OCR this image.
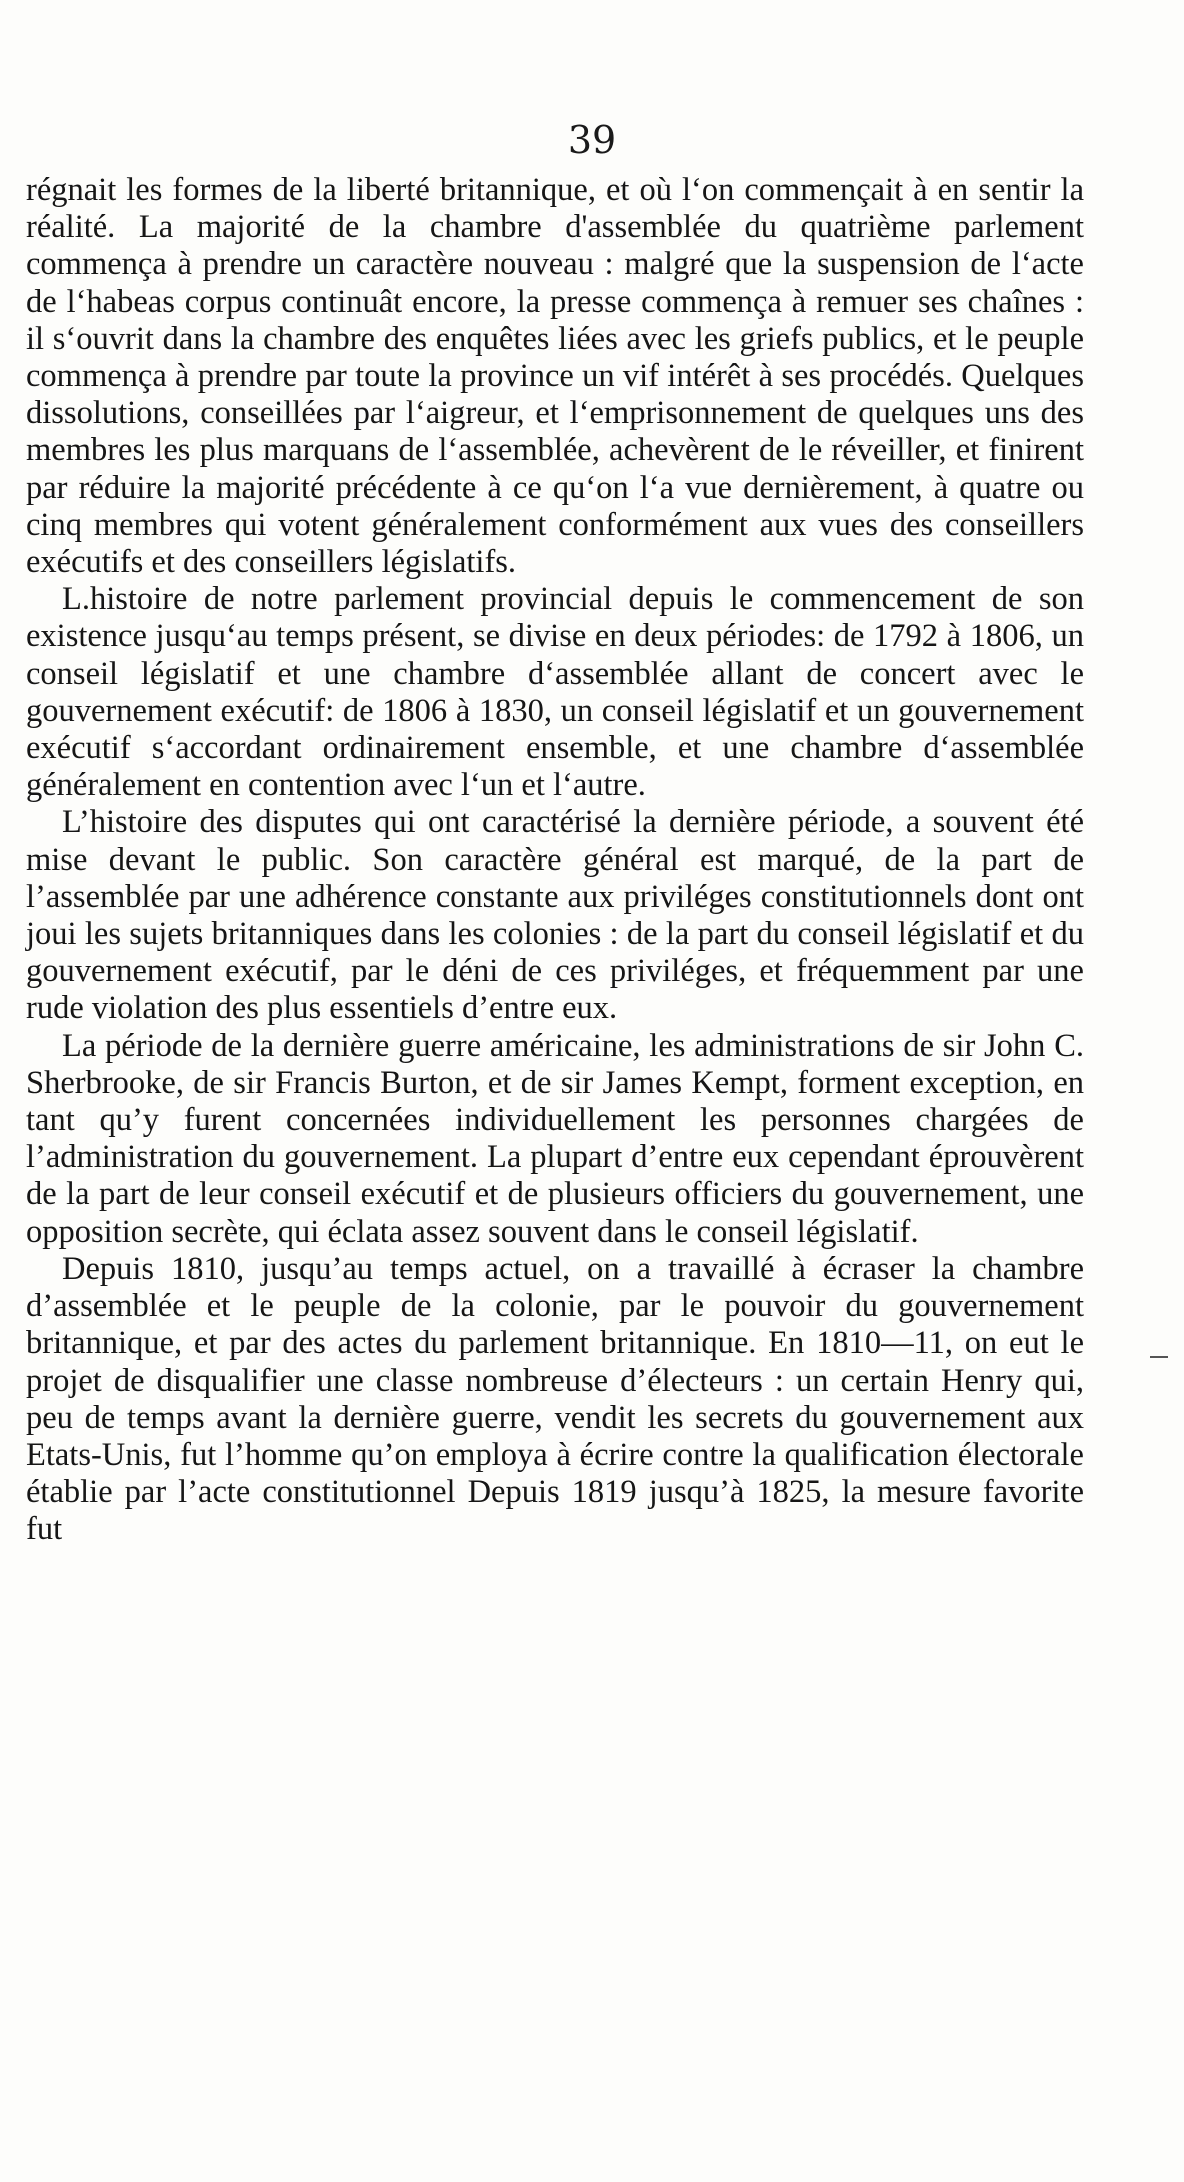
39

régnait les formes de la liberté britannique, et où l‘on commençait à en sentir la réalité. La majorité de la chambre d'assemblée du quatrième parlement commença à prendre un caractère nouveau : malgré que la suspension de l‘acte de l‘habeas corpus continuât encore, la presse commença à remuer ses chaînes : il s‘ouvrit dans la chambre des enquêtes liées avec les griefs publics, et le peuple commença à prendre par toute la province un vif intérêt à ses procédés. Quelques dissolutions, conseillées par l‘aigreur, et l‘emprisonnement de quelques uns des membres les plus marquans de l‘assemblée, achevèrent de le réveiller, et finirent par réduire la majorité précédente à ce qu‘on l‘a vue dernièrement, à quatre ou cinq membres qui votent généralement conformément aux vues des conseillers exécutifs et des conseillers législatifs.

L.histoire de notre parlement provincial depuis le commencement de son existence jusqu‘au temps présent, se divise en deux périodes: de 1792 à 1806, un conseil législatif et une chambre d‘assemblée allant de concert avec le gouvernement exécutif: de 1806 à 1830, un conseil législatif et un gouvernement exécutif s‘accordant ordinairement ensemble, et une chambre d‘assemblée généralement en contention avec l‘un et l‘autre.

L’histoire des disputes qui ont caractérisé la dernière période, a souvent été mise devant le public. Son caractère général est marqué, de la part de l’assemblée par une adhérence constante aux priviléges constitutionnels dont ont joui les sujets britanniques dans les colonies : de la part du conseil législatif et du gouvernement exécutif, par le déni de ces priviléges, et fréquemment par une rude violation des plus essentiels d’entre eux.

La période de la dernière guerre américaine, les administrations de sir John C. Sherbrooke, de sir Francis Burton, et de sir James Kempt, forment exception, en tant qu’y furent concernées individuellement les personnes chargées de l’administration du gouvernement. La plupart d’entre eux cependant éprouvèrent de la part de leur conseil exécutif et de plusieurs officiers du gouvernement, une opposition secrète, qui éclata assez souvent dans le conseil législatif.

Depuis 1810, jusqu’au temps actuel, on a travaillé à écraser la chambre d’assemblée et le peuple de la colonie, par le pouvoir du gouvernement britannique, et par des actes du parlement britannique. En 1810—11, on eut le projet de disqualifier une classe nombreuse d’électeurs : un certain Henry qui, peu de temps avant la dernière guerre, vendit les secrets du gouvernement aux Etats-Unis, fut l’homme qu’on employa à écrire contre la qualification électorale établie par l’acte constitutionnel Depuis 1819 jusqu’à 1825, la mesure favorite fut
